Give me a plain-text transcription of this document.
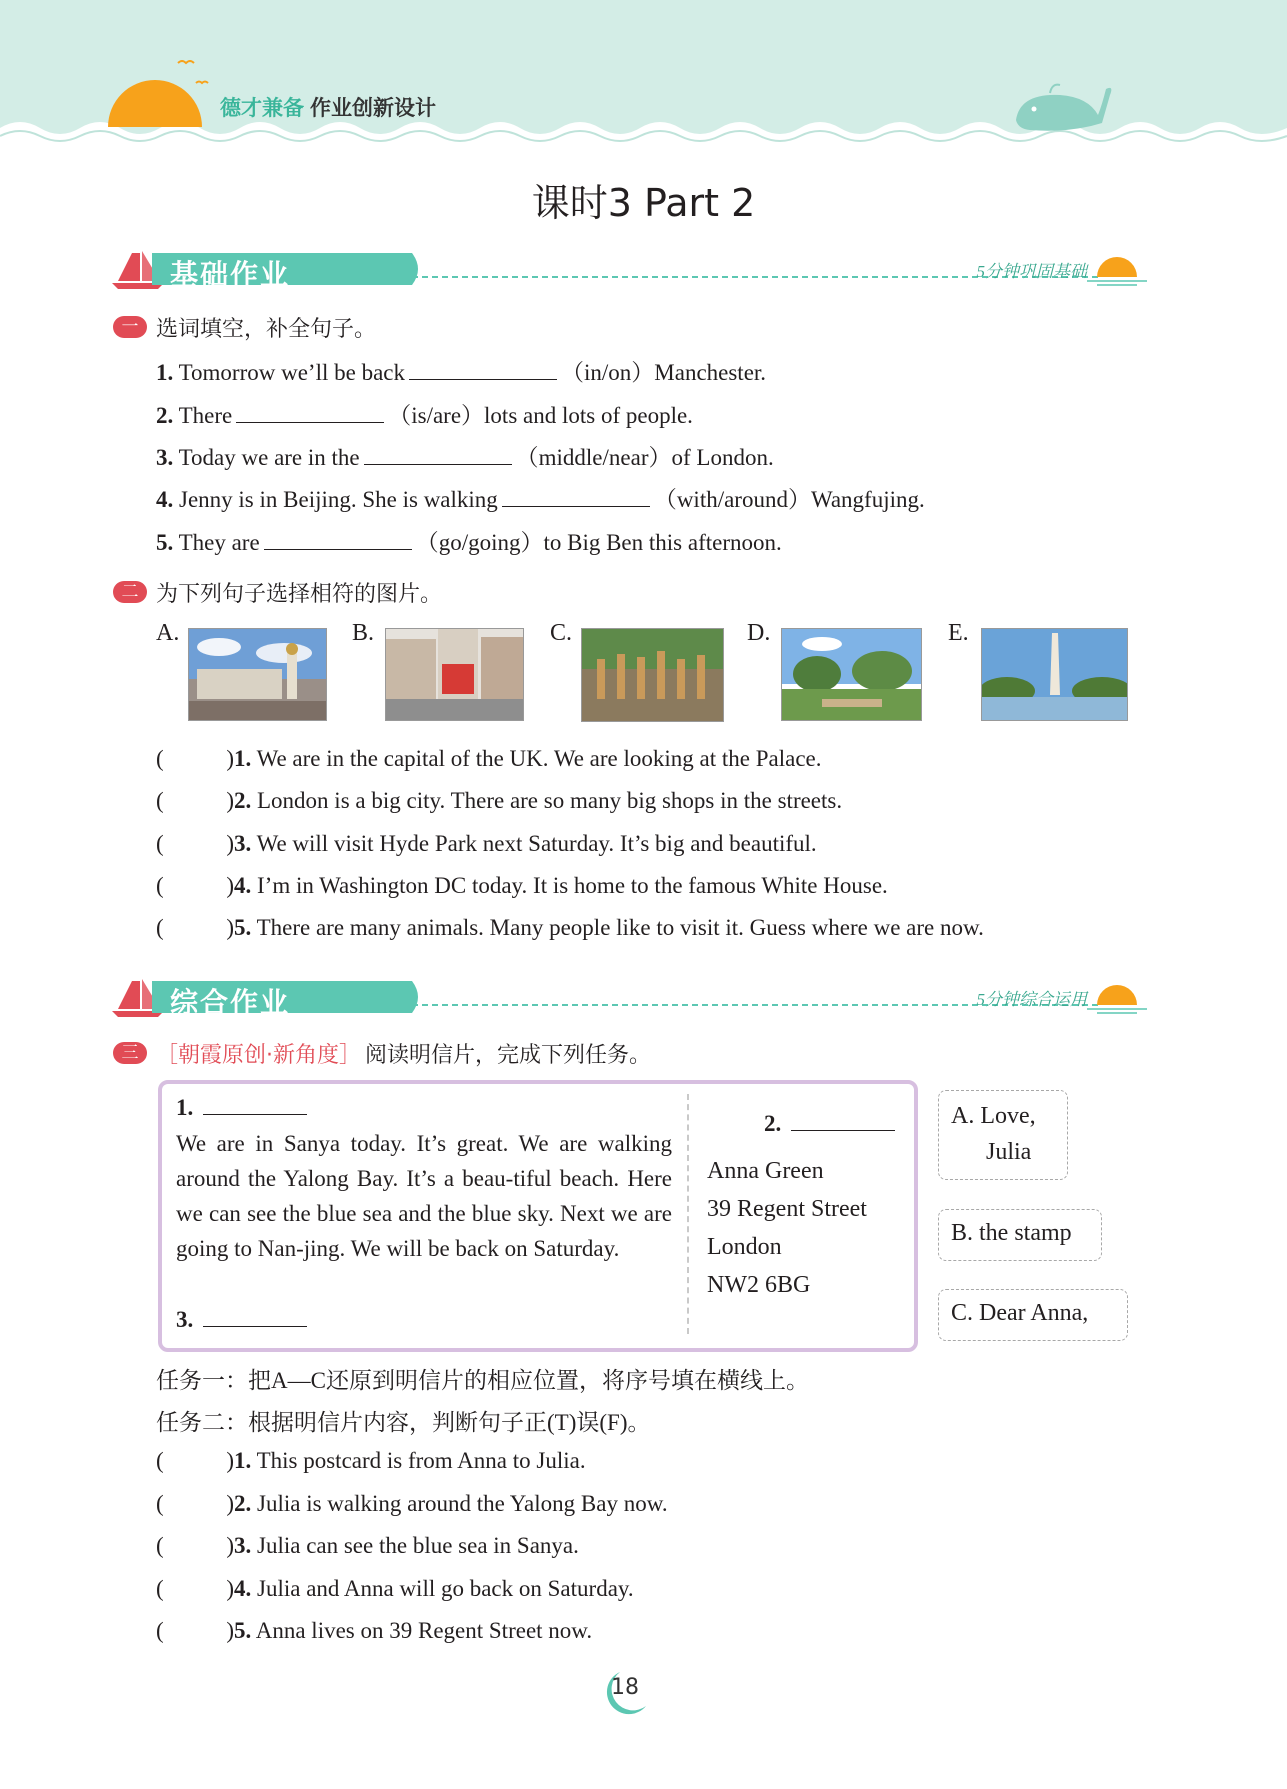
德才兼备 作业创新设计
课时3 Part 2
基础作业	5分钟巩固基础
一 选词填空，补全句子。
1. Tomorrow we’ll be back	（in/on）Manchester.
2. There	（is/are）lots and lots of people.
3. Today we are in the	（middle/near）of London.
4. Jenny is in Beijing. She is walking	（with/around）Wangfujing.
5. They are	（go/going）to Big Ben this afternoon.
二 为下列句子选择相符的图片。
A.	B.	C.	D.	E.
(	) 1. We are in the capital of the UK. We are looking at the Palace.
(	) 2. London is a big city. There are so many big shops in the streets.
(	) 3. We will visit Hyde Park next Saturday. It’s big and beautiful.
(	) 4. I’m in Washington DC today. It is home to the famous White House.
(	) 5. There are many animals. Many people like to visit it. Guess where we are now.
综合作业	5分钟综合运用
三 ［朝霞原创·新角度］ 阅读明信片，完成下列任务。
1.
We are in Sanya today. It’s great. We are walking around the Yalong Bay. It’s a beau-tiful beach. Here we can see the blue sea and the blue sky. Next we are going to Nan-jing. We will be back on Saturday.
3.
2.
Anna Green
39 Regent Street
London
NW2 6BG
A. Love,
Julia
B. the stamp
C. Dear Anna,
任务一：把A—C还原到明信片的相应位置，将序号填在横线上。
任务二：根据明信片内容，判断句子正(T)误(F)。
(	) 1. This postcard is from Anna to Julia.
(	) 2. Julia is walking around the Yalong Bay now.
(	) 3. Julia can see the blue sea in Sanya.
(	) 4. Julia and Anna will go back on Saturday.
(	) 5. Anna lives on 39 Regent Street now.
18
